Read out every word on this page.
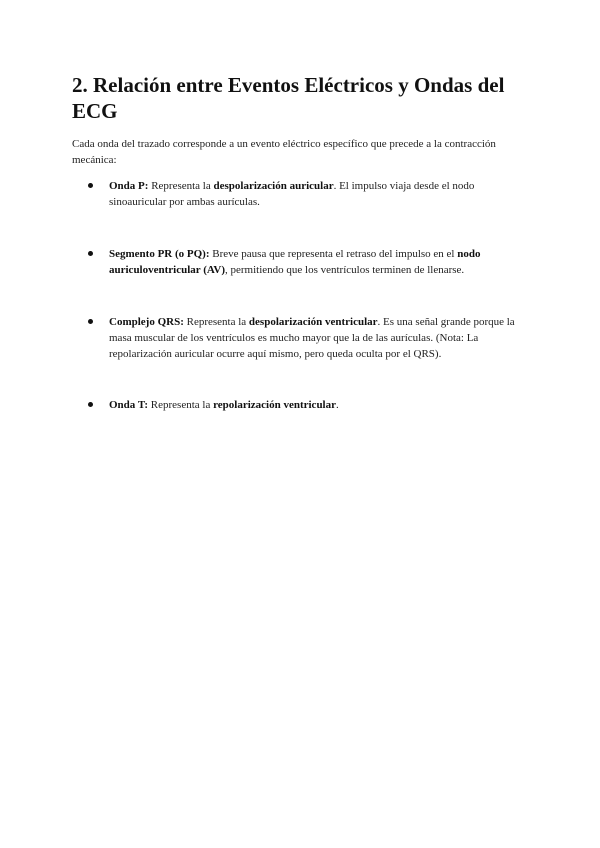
2. Relación entre Eventos Eléctricos y Ondas del ECG

Cada onda del trazado corresponde a un evento eléctrico específico que precede a la contracción mecánica:

Onda P: Representa la despolarización auricular. El impulso viaja desde el nodo sinoauricular por ambas aurículas.
Segmento PR (o PQ): Breve pausa que representa el retraso del impulso en el nodo auriculoventricular (AV), permitiendo que los ventrículos terminen de llenarse.
Complejo QRS: Representa la despolarización ventricular. Es una señal grande porque la masa muscular de los ventrículos es mucho mayor que la de las aurículas. (Nota: La repolarización auricular ocurre aquí mismo, pero queda oculta por el QRS).
Onda T: Representa la repolarización ventricular.
